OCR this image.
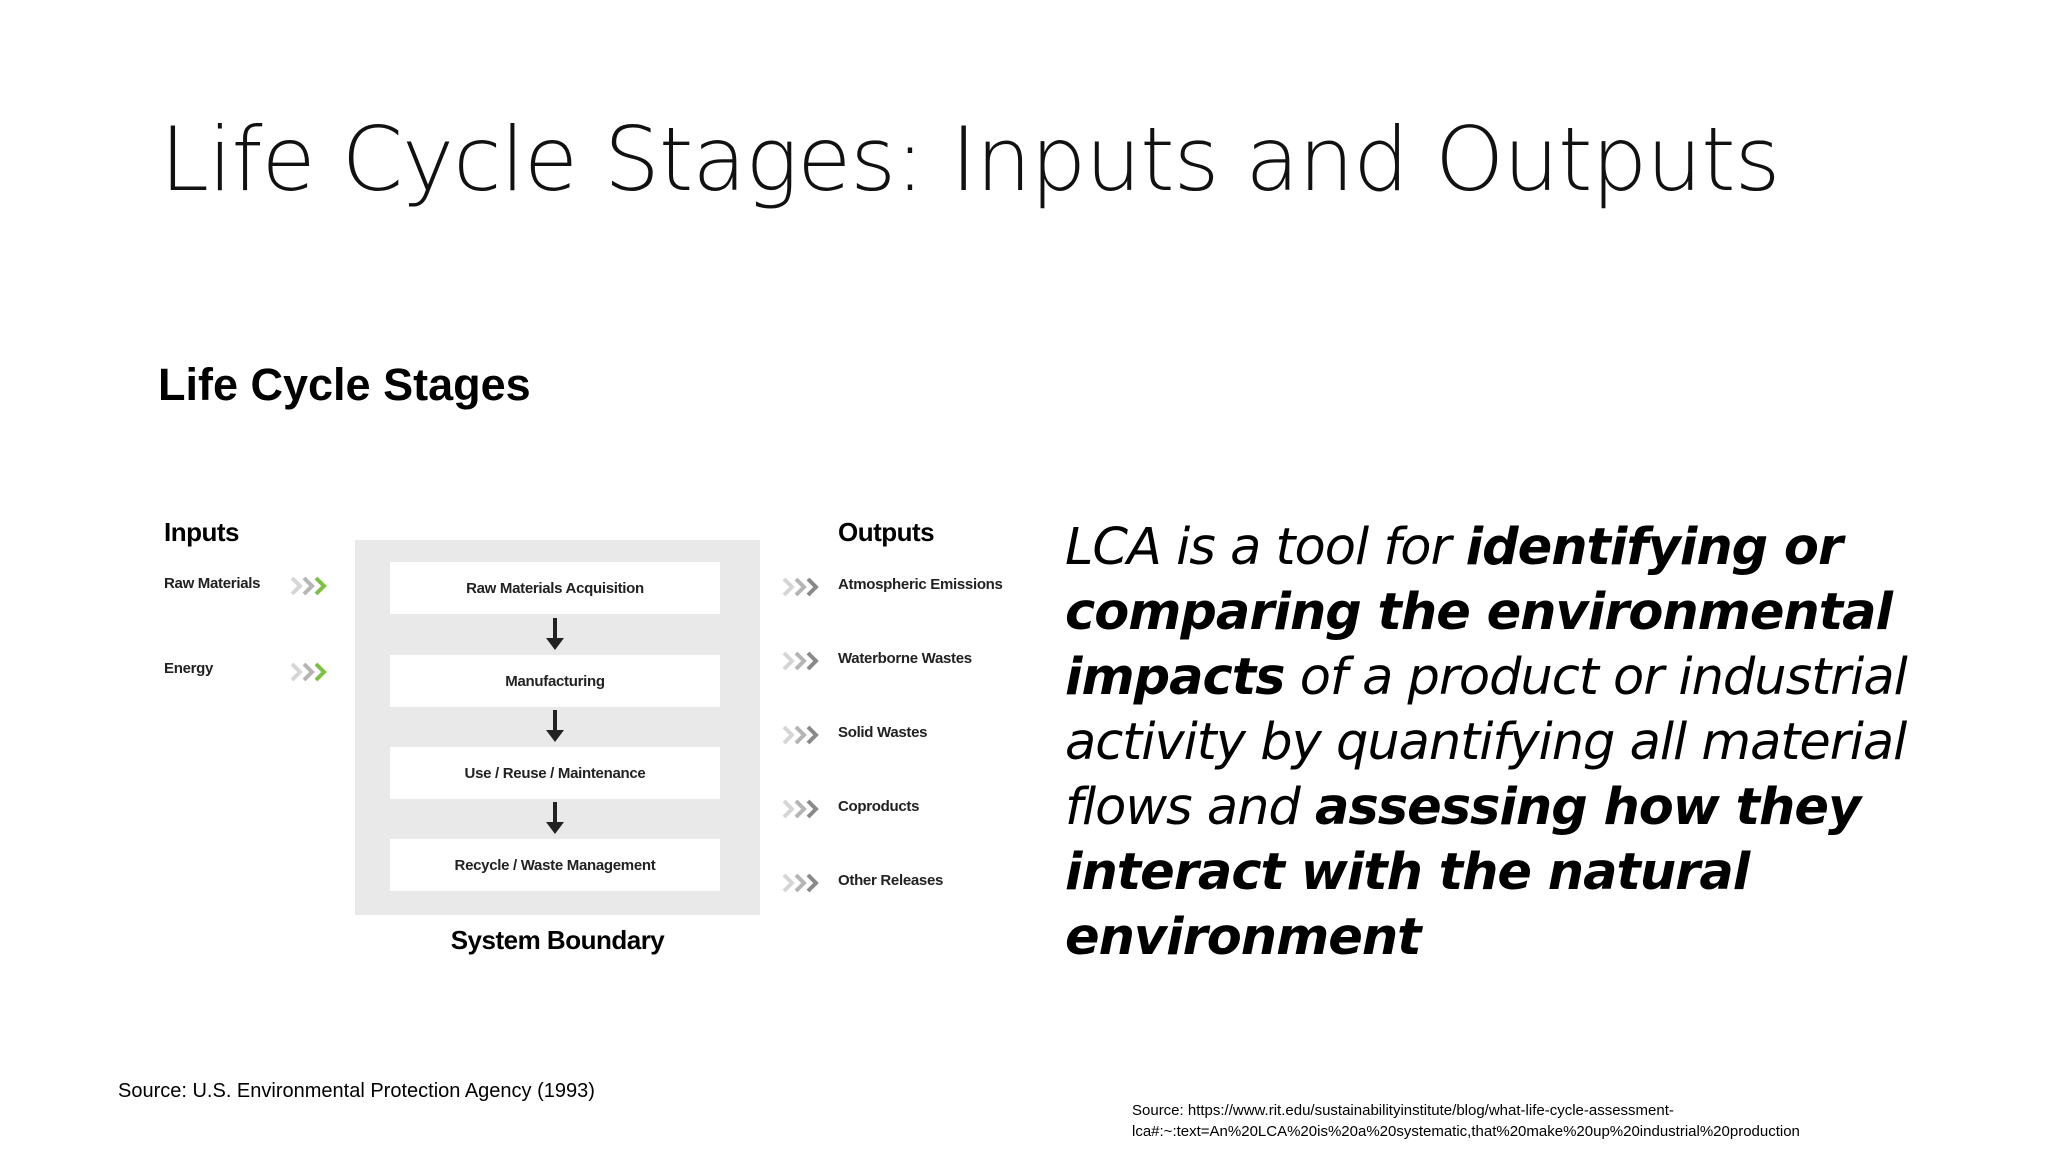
Life Cycle Stages: Inputs and Outputs
Life Cycle Stages
Inputs	Outputs
Raw Materials
Energy
Raw Materials Acquisition
Manufacturing
Use / Reuse / Maintenance
Recycle / Waste Management
System Boundary
Atmospheric Emissions
Waterborne Wastes
Solid Wastes
Coproducts
Other Releases
LCA is a tool for identifying or comparing the environmental impacts of a product or industrial activity by quantifying all material flows and assessing how they interact with the natural environment
Source: U.S. Environmental Protection Agency (1993)
Source: https://www.rit.edu/sustainabilityinstitute/blog/what-life-cycle-assessment-
lca#:~:text=An%20LCA%20is%20a%20systematic,that%20make%20up%20industrial%20production
